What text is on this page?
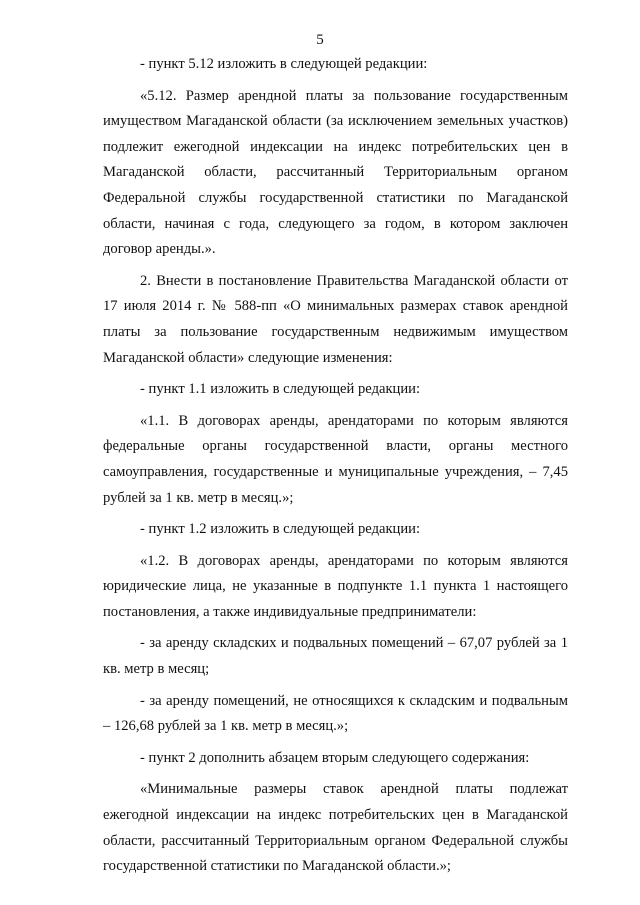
5

- пункт 5.12 изложить в следующей редакции:

«5.12. Размер арендной платы за пользование государственным имуществом Магаданской области (за исключением земельных участков) подлежит ежегодной индексации на индекс потребительских цен в Магаданской области, рассчитанный Территориальным органом Федеральной службы государственной статистики по Магаданской области, начиная с года, следующего за годом, в котором заключен договор аренды.».

2. Внести в постановление Правительства Магаданской области от 17 июля 2014 г. № 588-пп «О минимальных размерах ставок арендной платы за пользование государственным недвижимым имуществом Магаданской области» следующие изменения:

- пункт 1.1 изложить в следующей редакции:

«1.1. В договорах аренды, арендаторами по которым являются федеральные органы государственной власти, органы местного самоуправления, государственные и муниципальные учреждения, – 7,45 рублей за 1 кв. метр в месяц.»;

- пункт 1.2 изложить в следующей редакции:

«1.2. В договорах аренды, арендаторами по которым являются юридические лица, не указанные в подпункте 1.1 пункта 1 настоящего постановления, а также индивидуальные предприниматели:

- за аренду складских и подвальных помещений – 67,07 рублей за 1 кв. метр в месяц;

- за аренду помещений, не относящихся к складским и подвальным – 126,68 рублей за 1 кв. метр в месяц.»;

- пункт 2 дополнить абзацем вторым следующего содержания:

«Минимальные размеры ставок арендной платы подлежат ежегодной индексации на индекс потребительских цен в Магаданской области, рассчитанный Территориальным органом Федеральной службы государственной статистики по Магаданской области.»;
